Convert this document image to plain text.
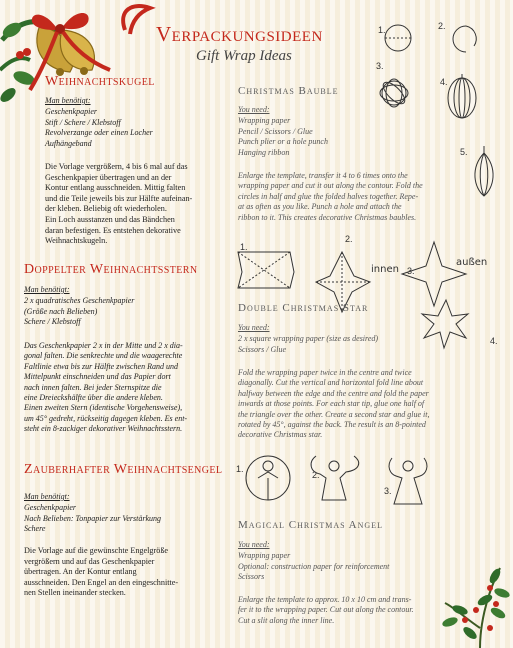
Verpackungsideen
Gift Wrap Ideas
Weihnachtskugel
Man benötigt:
Geschenkpapier
Stift / Schere / Klebstoff
Revolverzange oder einen Locher
Aufhängeband

Die Vorlage vergrößern, 4 bis 6 mal auf das

Geschenkpapier übertragen und an der

Kontur entlang ausschneiden. Mittig falten

und die Teile jeweils bis zur Hälfte aufeinan-

der kleben. Beliebig oft wiederholen.

Ein Loch ausstanzen und das Bändchen

daran befestigen. Es entstehen dekorative

Weihnachtskugeln.

Doppelter Weihnachtsstern
Man benötigt:
2 x quadratisches Geschenkpapier
(Größe nach Belieben)
Schere / Klebstoff

Das Geschenkpapier 2 x in der Mitte und 2 x dia-

gonal falten. Die senkrechte und die waagerechte

Faltlinie etwa bis zur Hälfte zwischen Rand und

Mittelpunkt einschneiden und das Papier dort

nach innen falten. Bei jeder Sternspitze die

eine Dreieckshälfte über die andere kleben.

Einen zweiten Stern (identische Vorgehensweise),

um 45° gedreht, rückseitig dagegen kleben. Es ent-

steht ein 8-zackiger dekorativer Weihnachtsstern.

Zauberhafter Weihnachtsengel
Man benötigt:
Geschenkpapier
Nach Belieben: Tonpapier zur Verstärkung
Schere

Die Vorlage auf die gewünschte Engelgröße

vergrößern und auf das Geschenkpapier

übertragen. An der Kontur entlang

ausschneiden. Den Engel an den eingeschnitte-

nen Stellen ineinander stecken.

Christmas Bauble
You need:
Wrapping paper
Pencil / Scissors / Glue
Punch plier or a hole punch
Hanging ribbon

Enlarge the template, transfer it 4 to 6 times onto the

wrapping paper and cut it out along the contour. Fold the

circles in half and glue the folded halves together. Repe-

at as often as you like. Punch a hole and attach the

ribbon to it. This creates decorative Christmas baubles.

1.	2.
3.
4.
5.
1.
2.
innen 3.
außen
4.
Double Christmas Star
You need:
2 x square wrapping paper (size as desired)
Scissors / Glue

Fold the wrapping paper twice in the centre and twice

diagonally. Cut the vertical and horizontal fold line about

halfway between the edge and the centre and fold the paper

inwards at those points. For each star tip, glue one half of

the triangle over the other. Create a second star and glue it,

rotated by 45°, against the back. The result is an 8-pointed

decorative Christmas star.

1.
2.
3.
Magical Christmas Angel
You need:
Wrapping paper
Optional: construction paper for reinforcement
Scissors

Enlarge the template to approx. 10 x 10 cm and trans-

fer it to the wrapping paper. Cut out along the contour.

Cut a slit along the inner line.
